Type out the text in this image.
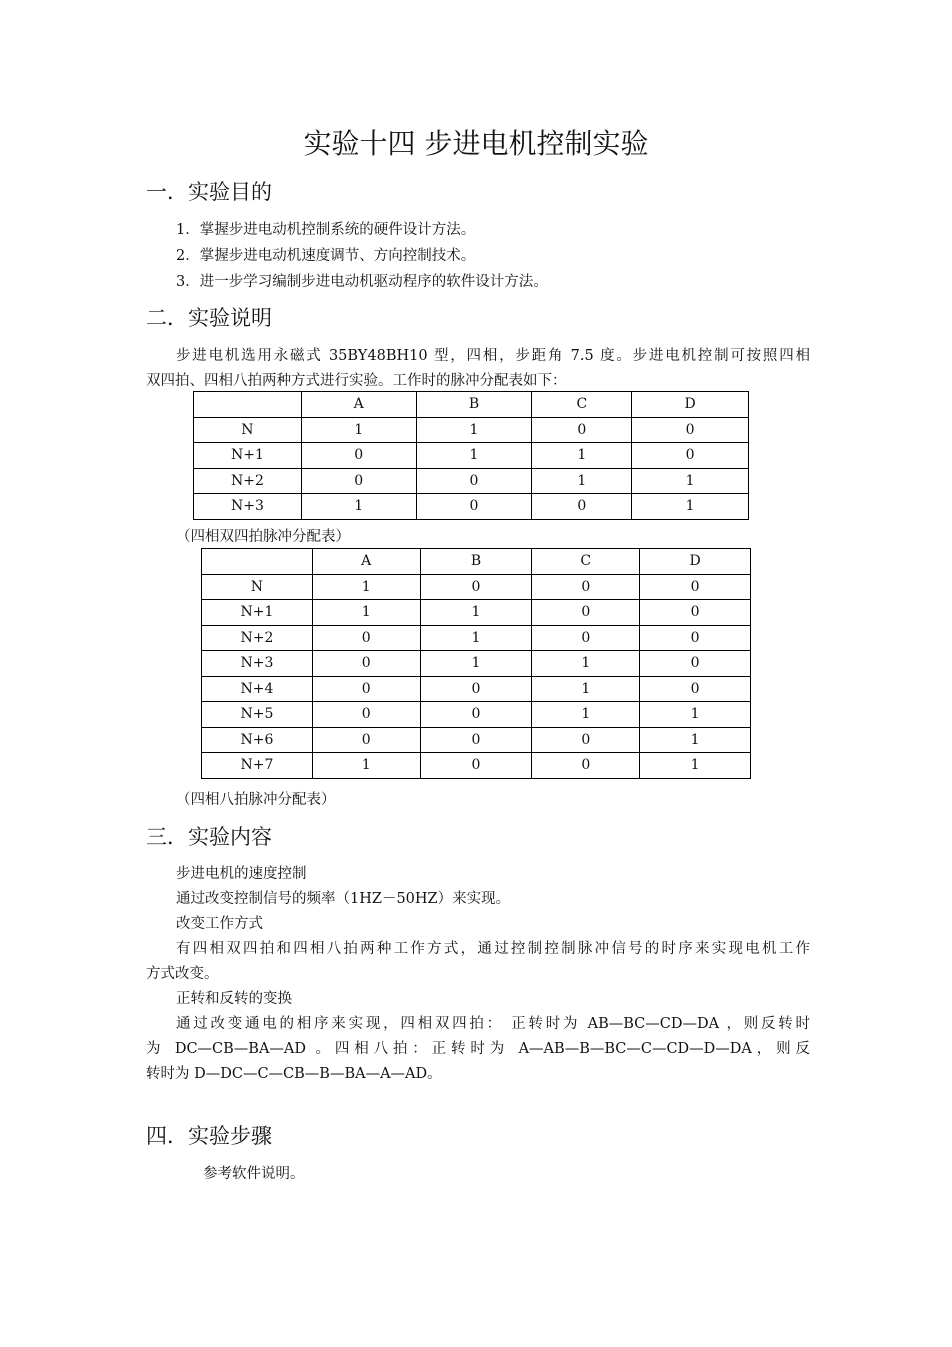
实验十四 步进电机控制实验
一．实验目的
1．掌握步进电动机控制系统的硬件设计方法。
2．掌握步进电动机速度调节、方向控制技术。
3．进一步学习编制步进电动机驱动程序的软件设计方法。
二．实验说明
步进电机选用永磁式 35BY48BH10 型，四相，步距角 7.5 度。步进电机控制可按照四相
双四拍、四相八拍两种方式进行实验。工作时的脉冲分配表如下：
	A	B	C	D
N	1	1	0	0
N+1	0	1	1	0
N+2	0	0	1	1
N+3	1	0	0	1
（四相双四拍脉冲分配表）
	A	B	C	D
N	1	0	0	0
N+1	1	1	0	0
N+2	0	1	0	0
N+3	0	1	1	0
N+4	0	0	1	0
N+5	0	0	1	1
N+6	0	0	0	1
N+7	1	0	0	1
（四相八拍脉冲分配表）
三．实验内容
步进电机的速度控制
通过改变控制信号的频率（1HZ－50HZ）来实现。
改变工作方式
有四相双四拍和四相八拍两种工作方式，通过控制控制脉冲信号的时序来实现电机工作
方式改变。
正转和反转的变换
通过改变通电的相序来实现，四相双四拍： 正转时为 AB—BC—CD—DA ，则反转时
为 DC—CB—BA—AD 。四相八拍：正转时为 A—AB—B—BC—C—CD—D—DA，则反
转时为 D—DC—C—CB—B—BA—A—AD。
四．实验步骤
参考软件说明。
